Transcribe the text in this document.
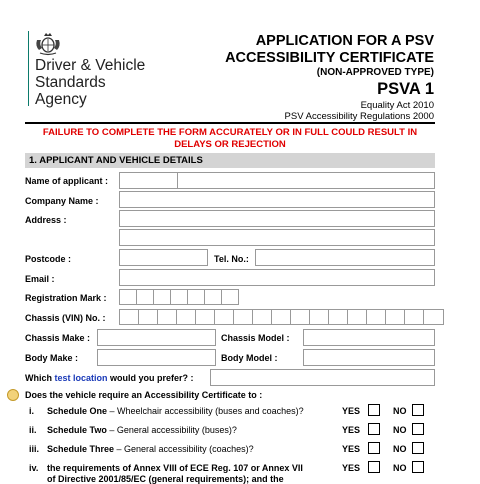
Driver & Vehicle
Standards
Agency
APPLICATION FOR A PSV
ACCESSIBILITY CERTIFICATE
(NON-APPROVED TYPE)
PSVA 1
Equality Act 2010
PSV Accessibility Regulations 2000
FAILURE TO COMPLETE THE FORM ACCURATELY OR IN FULL COULD RESULT IN
DELAYS OR REJECTION
1. APPLICANT AND VEHICLE DETAILS
Name of applicant :
Company Name :
Address :
Postcode :	Tel. No.:
Email :
Registration Mark :
Chassis (VIN) No. :
Chassis Make :	Chassis Model :
Body Make :	Body Model :
Which test location would you prefer? :
Does the vehicle require an Accessibility Certificate to :
i. Schedule One – Wheelchair accessibility (buses and coaches)?	YES	NO
ii. Schedule Two – General accessibility (buses)?	YES	NO
iii. Schedule Three – General accessibility (coaches)?	YES	NO
iv. the requirements of Annex VIII of ECE Reg. 107 or Annex VII
of Directive 2001/85/EC (general requirements); and the
YES	NO
